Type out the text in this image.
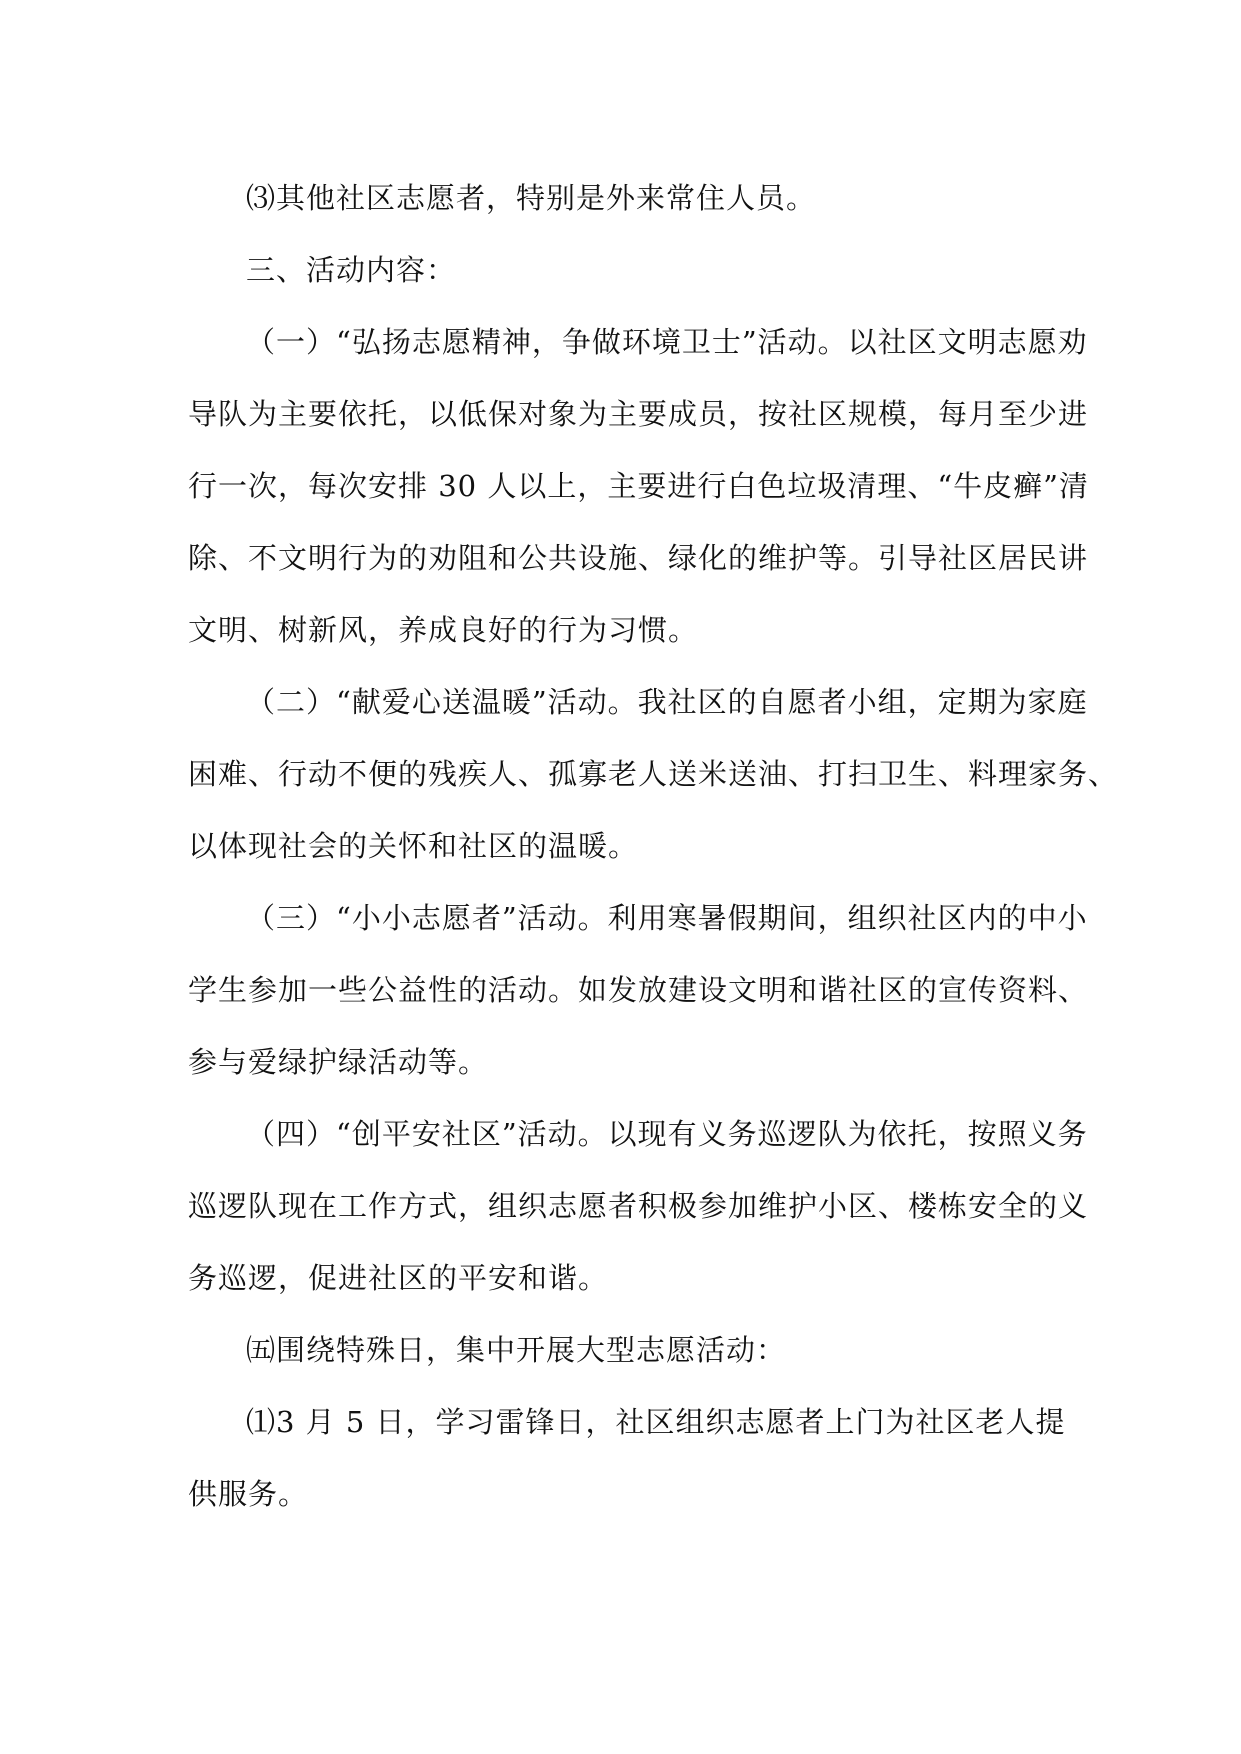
⑶其他社区志愿者，特别是外来常住人员。

三、活动内容：

（一）“弘扬志愿精神，争做环境卫士”活动。以社区文明志愿劝

导队为主要依托，以低保对象为主要成员，按社区规模，每月至少进

行一次，每次安排 30 人以上，主要进行白色垃圾清理、“牛皮癣”清

除、不文明行为的劝阻和公共设施、绿化的维护等。引导社区居民讲

文明、树新风，养成良好的行为习惯。

（二）“献爱心送温暖”活动。我社区的自愿者小组，定期为家庭

困难、行动不便的残疾人、孤寡老人送米送油、打扫卫生、料理家务、

以体现社会的关怀和社区的温暖。

（三）“小小志愿者”活动。利用寒暑假期间，组织社区内的中小

学生参加一些公益性的活动。如发放建设文明和谐社区的宣传资料、

参与爱绿护绿活动等。

（四）“创平安社区”活动。以现有义务巡逻队为依托，按照义务

巡逻队现在工作方式，组织志愿者积极参加维护小区、楼栋安全的义

务巡逻，促进社区的平安和谐。

㈤围绕特殊日，集中开展大型志愿活动：

⑴3 月 5 日，学习雷锋日，社区组织志愿者上门为社区老人提

供服务。
